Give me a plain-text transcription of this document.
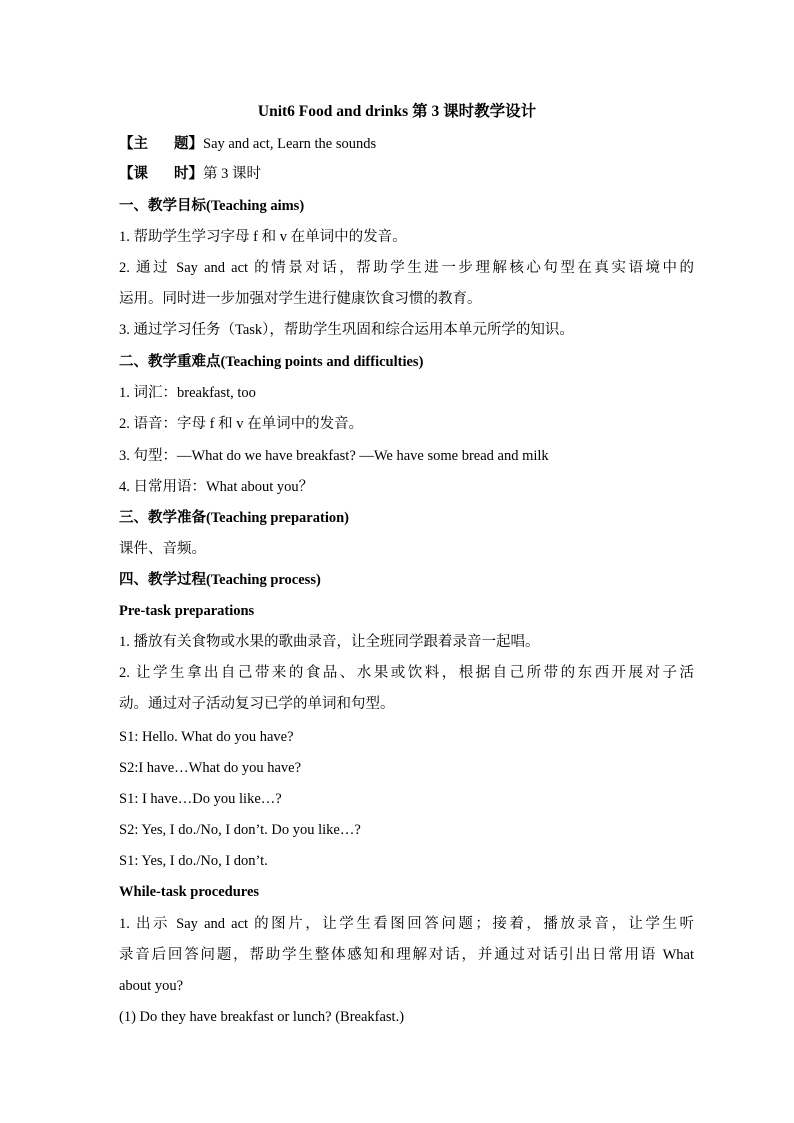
Unit6 Food and drinks 第 3 课时教学设计
【主 题】Say and act, Learn the sounds
【课 时】第 3 课时
一、教学目标(Teaching aims)
1. 帮助学生学习字母 f 和 v 在单词中的发音。
2. 通过 Say and act 的情景对话，帮助学生进一步理解核心句型在真实语境中的
运用。同时进一步加强对学生进行健康饮食习惯的教育。
3. 通过学习任务（Task），帮助学生巩固和综合运用本单元所学的知识。
二、教学重难点(Teaching points and difficulties)
1. 词汇：breakfast, too
2. 语音：字母 f 和 v 在单词中的发音。
3. 句型：—What do we have breakfast? —We have some bread and milk
4. 日常用语：What about you？
三、教学准备(Teaching preparation)
课件、音频。
四、教学过程(Teaching process)
Pre-task preparations
1. 播放有关食物或水果的歌曲录音，让全班同学跟着录音一起唱。
2. 让学生拿出自己带来的食品、水果或饮料，根据自己所带的东西开展对子活
动。通过对子活动复习已学的单词和句型。
S1: Hello. What do you have?
S2:I have…What do you have?
S1: I have…Do you like…?
S2: Yes, I do./No, I don’t. Do you like…?
S1: Yes, I do./No, I don’t.
While-task procedures
1. 出示 Say and act 的图片，让学生看图回答问题；接着，播放录音，让学生听
录音后回答问题，帮助学生整体感知和理解对话，并通过对话引出日常用语 What
about you?
(1) Do they have breakfast or lunch? (Breakfast.)
